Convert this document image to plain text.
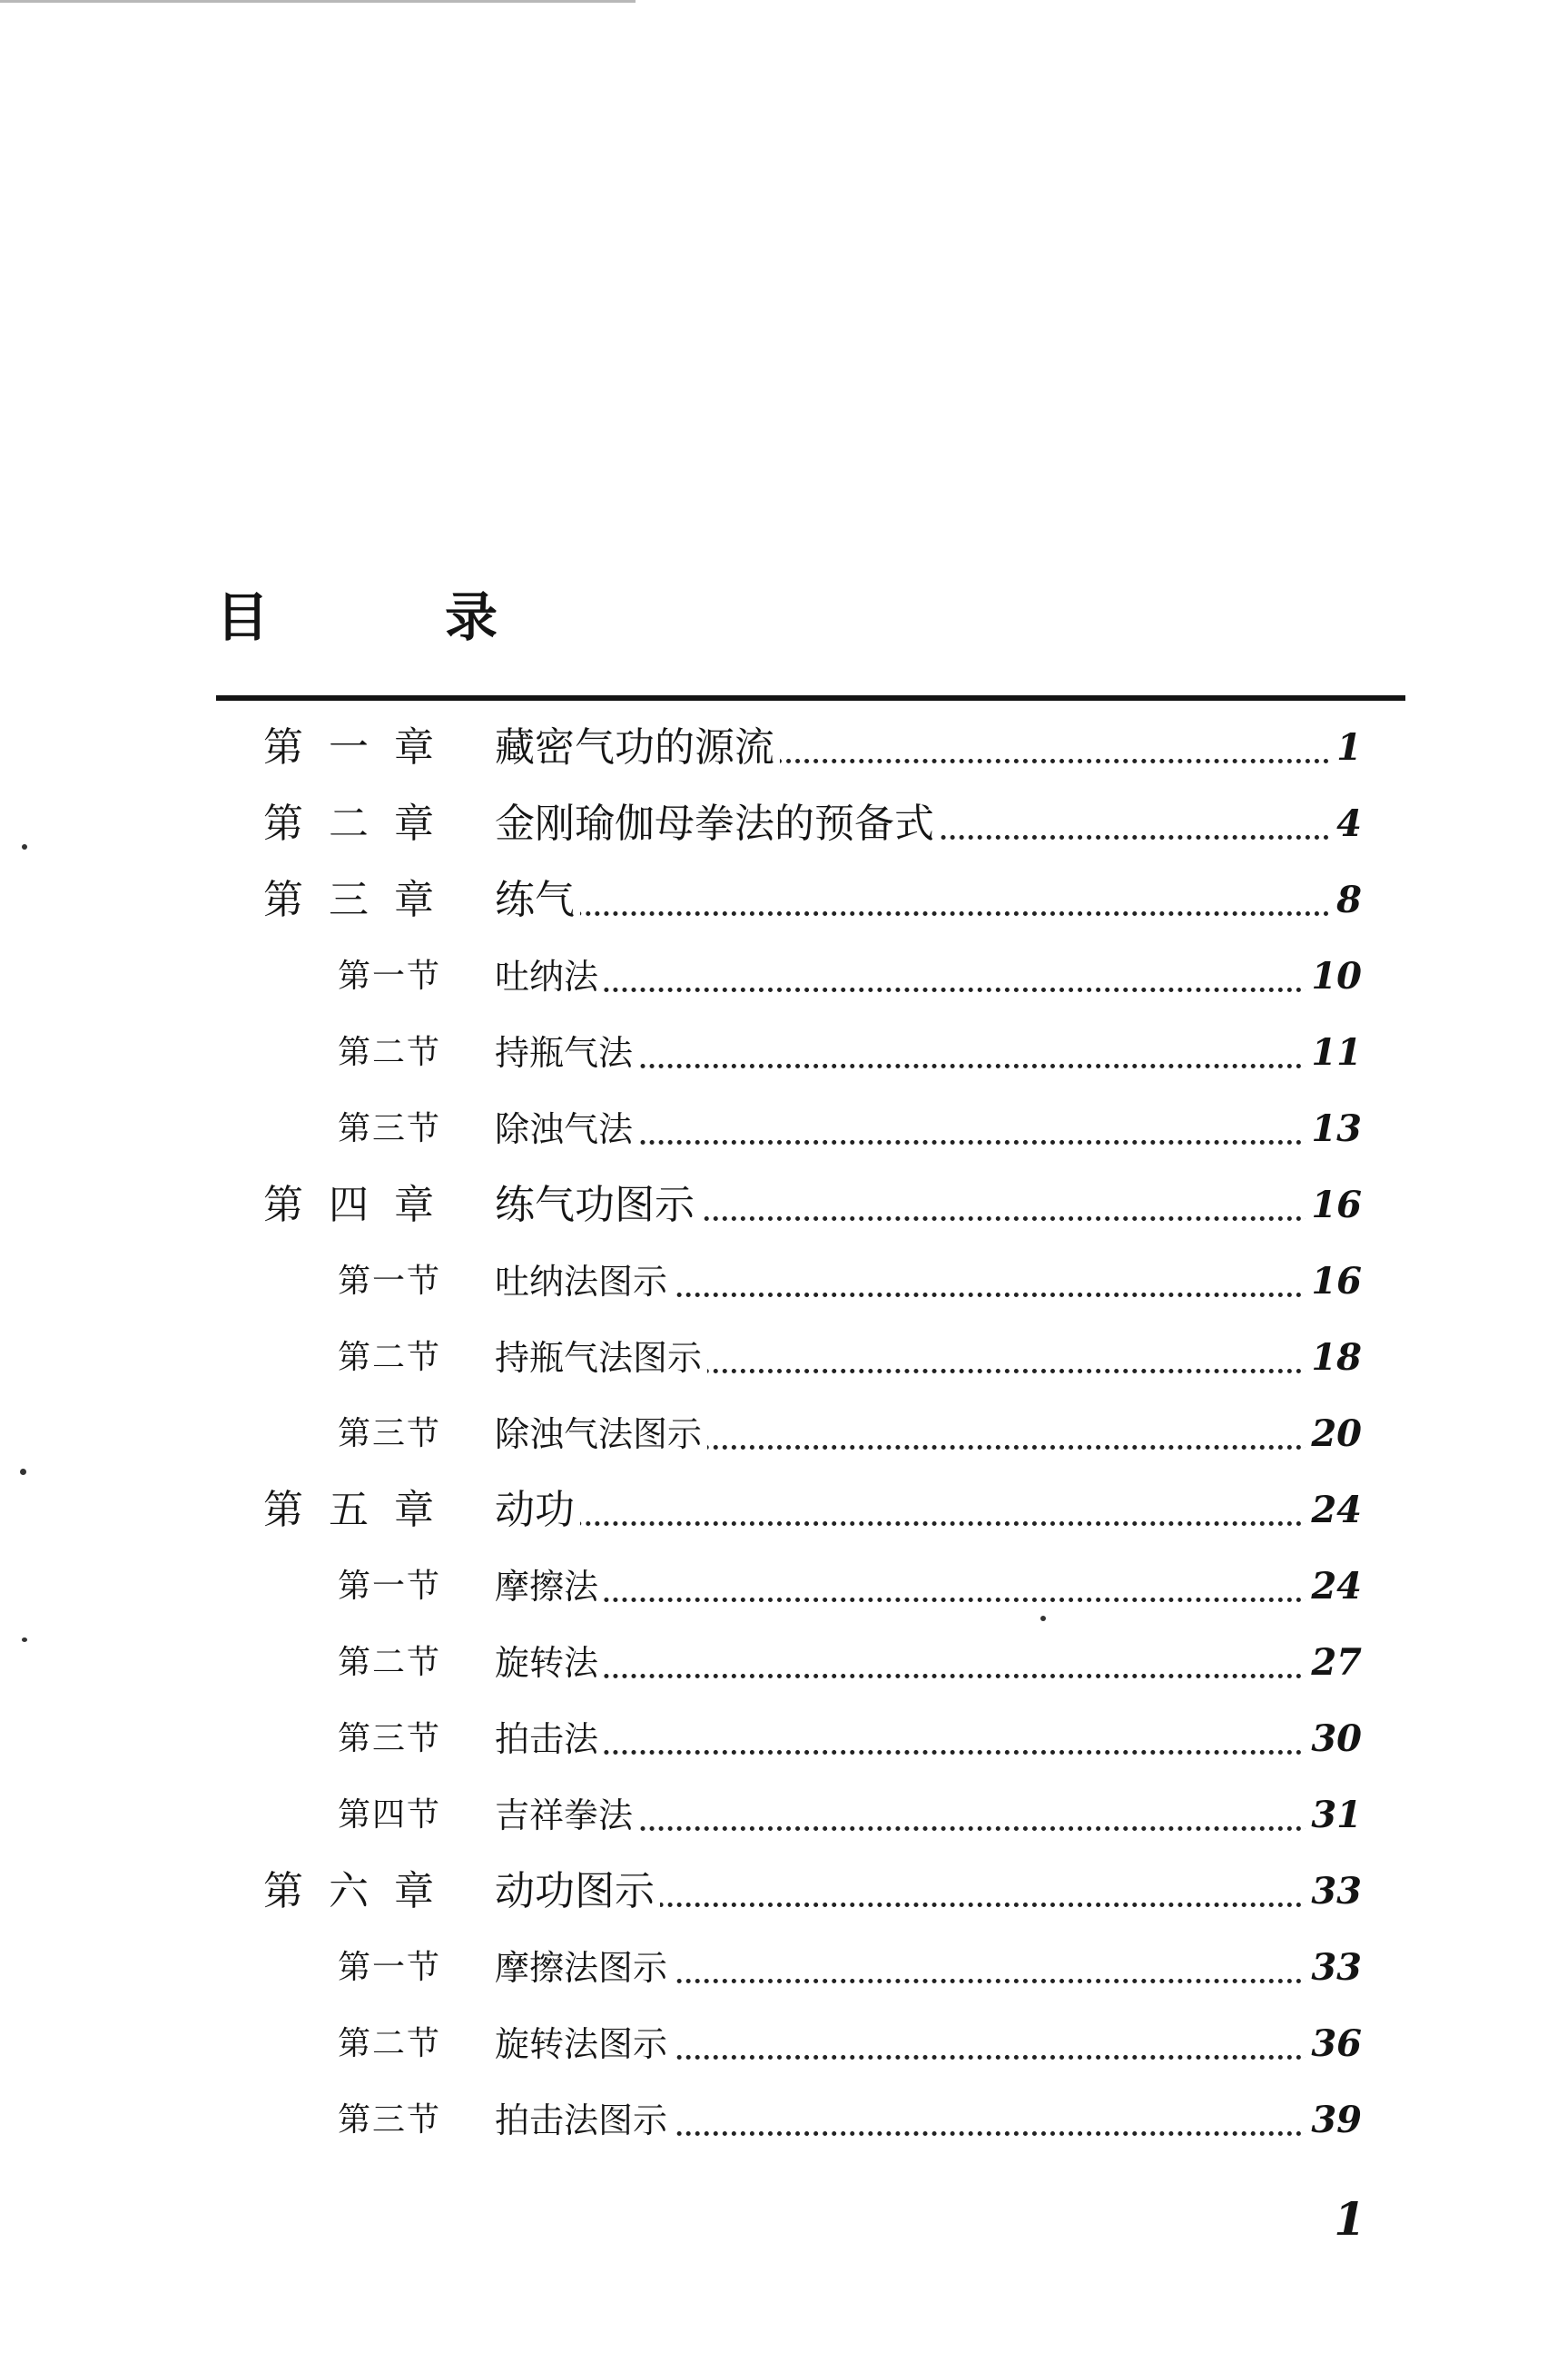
目	录
第一章 藏密气功的源流	1
第二章 金刚瑜伽母拳法的预备式	4
第三章 练气	8
第一节 吐纳法	10
第二节 持瓶气法	11
第三节 除浊气法	13
第四章 练气功图示	16
第一节 吐纳法图示	16
第二节 持瓶气法图示	18
第三节 除浊气法图示	20
第五章 动功	24
第一节 摩擦法	24
第二节 旋转法	27
第三节 拍击法	30
第四节 吉祥拳法	31
第六章 动功图示	33
第一节 摩擦法图示	33
第二节 旋转法图示	36
第三节 拍击法图示	39
1
